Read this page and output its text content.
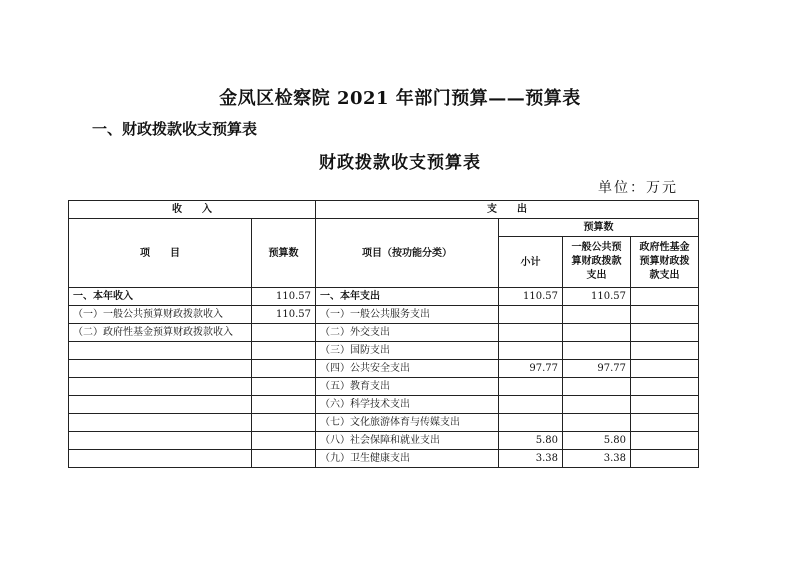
金凤区检察院 2021 年部门预算——预算表
一、财政拨款收支预算表
财政拨款收支预算表
单位：万元
收　　入		支　　出			
项　　目	预算数	项目（按功能分类）	预算数		
			小计	一般公共预算财政拨款支出	政府性基金预算财政拨款支出
一、本年收入	110.57	一、本年支出	110.57	110.57	
（一）一般公共预算财政拨款收入	110.57	（一）一般公共服务支出			
（二）政府性基金预算财政拨款收入		（二）外交支出			
		（三）国防支出			
		（四）公共安全支出	97.77	97.77	
		（五）教育支出			
		（六）科学技术支出			
		（七）文化旅游体育与传媒支出			
		（八）社会保障和就业支出	5.80	5.80	
		（九）卫生健康支出	3.38	3.38	
